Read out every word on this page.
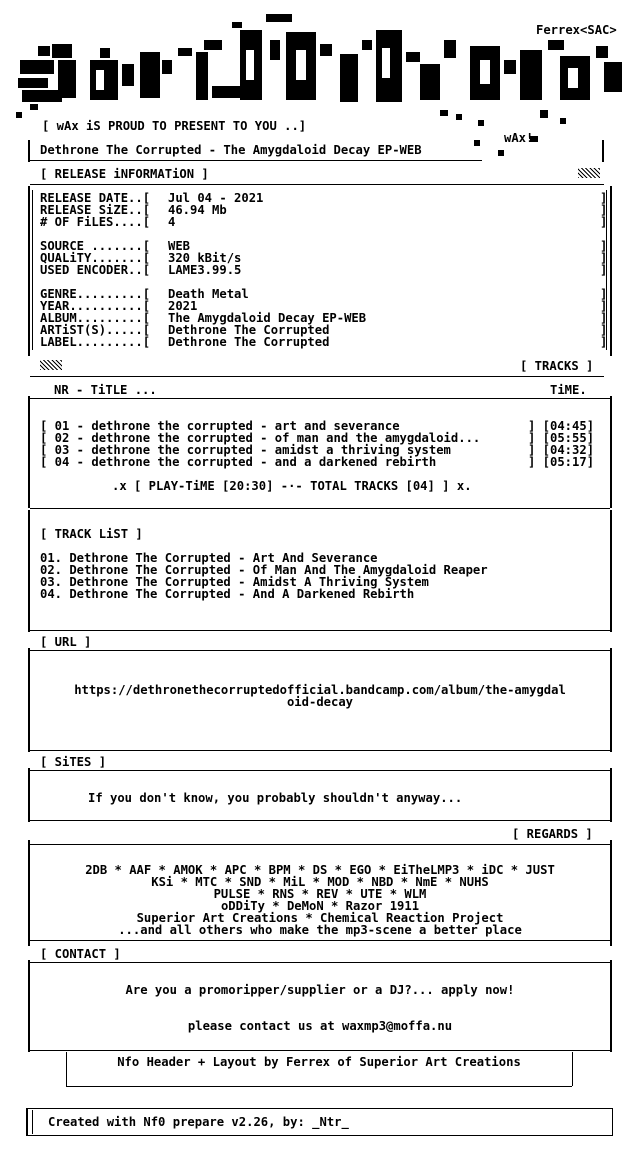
Ferrex<SAC>
[ wAx iS PROUD TO PRESENT TO YOU ..]
wAx!
Dethrone The Corrupted - The Amygdaloid Decay EP-WEB
[ RELEASE iNFORMATiON ]
RELEASE DATE..[ Jul 04 - 2021
RELEASE SiZE..[ 46.94 Mb
# OF FiLES....[ 4
SOURCE .......[ WEB
QUALiTY.......[ 320 kBit/s
USED ENCODER..[ LAME3.99.5
GENRE.........[ Death Metal
YEAR..........[ 2021
ALBUM.........[ The Amygdaloid Decay EP-WEB
ARTiST(S).....[ Dethrone The Corrupted
LABEL.........[ Dethrone The Corrupted
]
]
]
]
]
]
]
]
]
]
]
[ TRACKS ]
NR - TiTLE ...	TiME.
[ 01 - dethrone the corrupted - art and severance	] [04:45]
[ 02 - dethrone the corrupted - of man and the amygdaloid...	] [05:55]
[ 03 - dethrone the corrupted - amidst a thriving system	] [04:32]
[ 04 - dethrone the corrupted - and a darkened rebirth	] [05:17]
.x [ PLAY-TiME [20:30] -·- TOTAL TRACKS [04] ] x.
[ TRACK LiST ]
01. Dethrone The Corrupted - Art And Severance
02. Dethrone The Corrupted - Of Man And The Amygdaloid Reaper
03. Dethrone The Corrupted - Amidst A Thriving System
04. Dethrone The Corrupted - And A Darkened Rebirth
[ URL ]
https://dethronethecorruptedofficial.bandcamp.com/album/the-amygdal
oid-decay
[ SiTES ]
If you don't know, you probably shouldn't anyway...
[ REGARDS ]
2DB * AAF * AMOK * APC * BPM * DS * EGO * EiTheLMP3 * iDC * JUST
KSi * MTC * SND * MiL * MOD * NBD * NmE * NUHS
PULSE * RNS * REV * UTE * WLM
oDDiTy * DeMoN * Razor 1911
Superior Art Creations * Chemical Reaction Project
...and all others who make the mp3-scene a better place
[ CONTACT ]
Are you a promoripper/supplier or a DJ?... apply now!
please contact us at waxmp3@moffa.nu
Nfo Header + Layout by Ferrex of Superior Art Creations
Created with Nf0 prepare v2.26, by: _Ntr_
